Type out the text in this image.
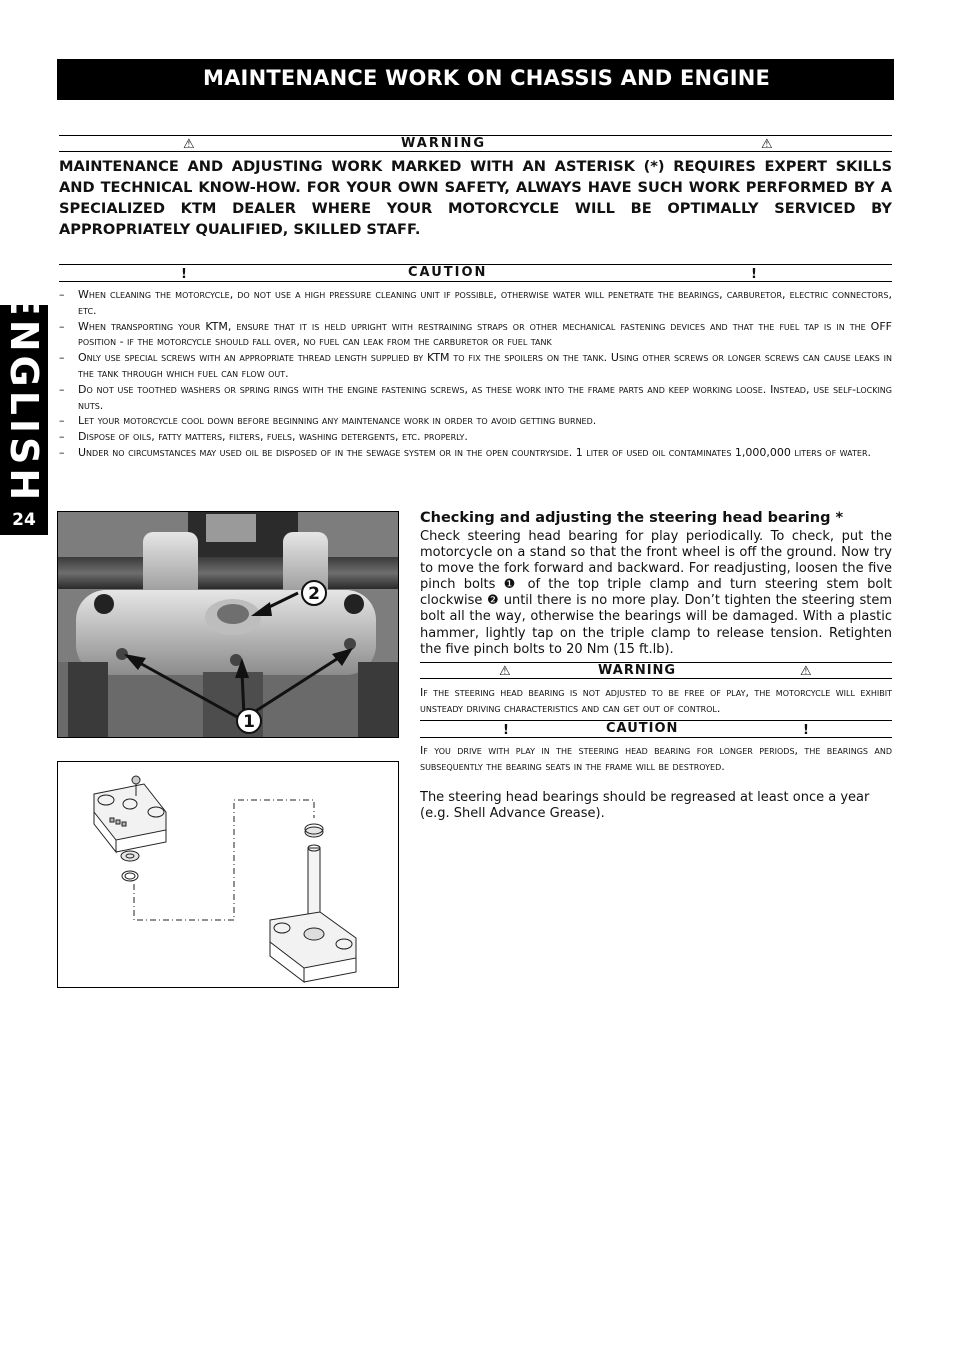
MAINTENANCE WORK ON CHASSIS AND ENGINE
ENGLISH
24
⚠	WARNING	⚠
MAINTENANCE AND ADJUSTING WORK MARKED WITH AN ASTERISK (*) REQUIRES EXPERT SKILLS AND TECHNICAL KNOW-HOW. FOR YOUR OWN SAFETY, ALWAYS HAVE SUCH WORK PERFORMED BY A SPECIALIZED KTM DEALER WHERE YOUR MOTORCYCLE WILL BE OPTIMALLY SERVICED BY APPROPRIATELY QUALIFIED, SKILLED STAFF.
!	CAUTION	!
– When cleaning the motorcycle, do not use a high pressure cleaning unit if possible, otherwise water will penetrate the bearings, carburetor, electric connectors, etc.
– When transporting your KTM, ensure that it is held upright with restraining straps or other mechanical fastening devices and that the fuel tap is in the OFF position - if the motorcycle should fall over, no fuel can leak from the carburetor or fuel tank
– Only use special screws with an appropriate thread length supplied by KTM to fix the spoilers on the tank. Using other screws or longer screws can cause leaks in the tank through which fuel can flow out.
– Do not use toothed washers or spring rings with the engine fastening screws, as these work into the frame parts and keep working loose. Instead, use self-locking nuts.
– Let your motorcycle cool down before beginning any maintenance work in order to avoid getting burned.
– Dispose of oils, fatty matters, filters, fuels, washing detergents, etc. properly.
– Under no circumstances may used oil be disposed of in the sewage system or in the open countryside. 1 liter of used oil contaminates 1,000,000 liters of water.
1
2
Checking and adjusting the steering head bearing *
Check steering head bearing for play periodically. To check, put the motorcycle on a stand so that the front wheel is off the ground. Now try to move the fork forward and backward. For readjusting, loosen the five pinch bolts ❶ of the top triple clamp and turn steering stem bolt clockwise ❷ until there is no more play. Don’t tighten the steering stem bolt all the way, otherwise the bearings will be damaged. With a plastic hammer, lightly tap on the triple clamp to release tension. Retighten the five pinch bolts to 20 Nm (15 ft.lb).
⚠	WARNING	⚠
If the steering head bearing is not adjusted to be free of play, the motorcycle will exhibit unsteady driving characteristics and can get out of control.
!	CAUTION	!
If you drive with play in the steering head bearing for longer periods, the bearings and subsequently the bearing seats in the frame will be destroyed.
The steering head bearings should be regreased at least once a year (e.g. Shell Advance Grease).
